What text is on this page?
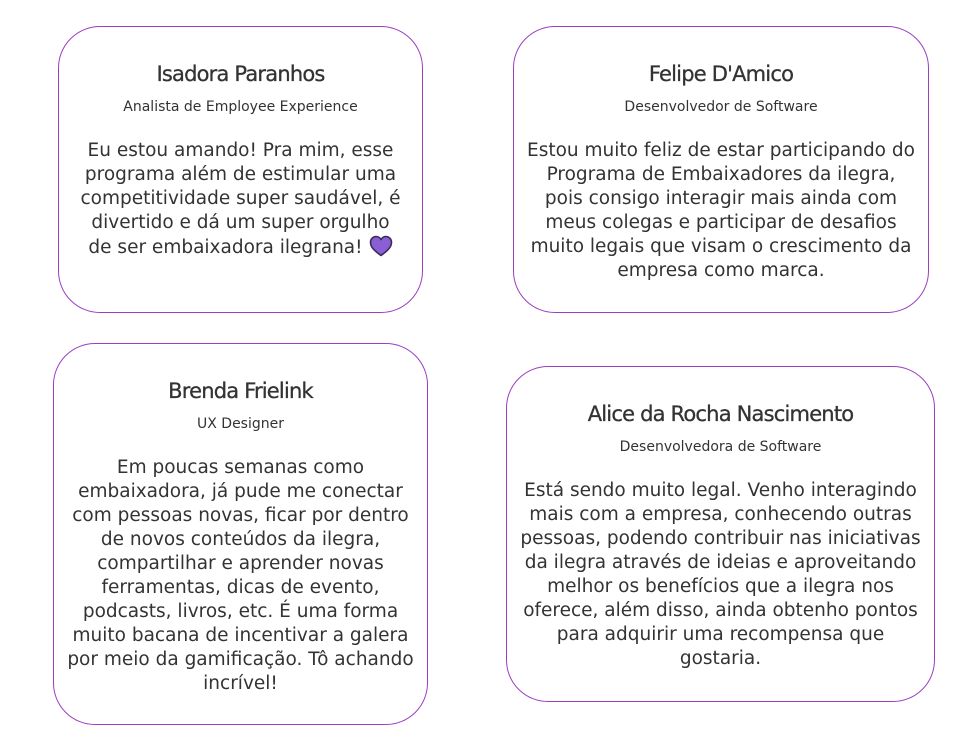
Isadora Paranhos
Analista de Employee Experience
Eu estou amando! Pra mim, esse programa além de estimular uma competitividade super saudável, é divertido e dá um super orgulho de ser embaixadora ilegrana!
Felipe D'Amico
Desenvolvedor de Software
Estou muito feliz de estar participando do Programa de Embaixadores da ilegra, pois consigo interagir mais ainda com meus colegas e participar de desafios muito legais que visam o crescimento da empresa como marca.
Brenda Frielink
UX Designer
Em poucas semanas como embaixadora, já pude me conectar com pessoas novas, ficar por dentro de novos conteúdos da ilegra, compartilhar e aprender novas ferramentas, dicas de evento, podcasts, livros, etc. É uma forma muito bacana de incentivar a galera por meio da gamificação. Tô achando incrível!
Alice da Rocha Nascimento
Desenvolvedora de Software
Está sendo muito legal. Venho interagindo mais com a empresa, conhecendo outras pessoas, podendo contribuir nas iniciativas da ilegra através de ideias e aproveitando melhor os benefícios que a ilegra nos oferece, além disso, ainda obtenho pontos para adquirir uma recompensa que gostaria.
